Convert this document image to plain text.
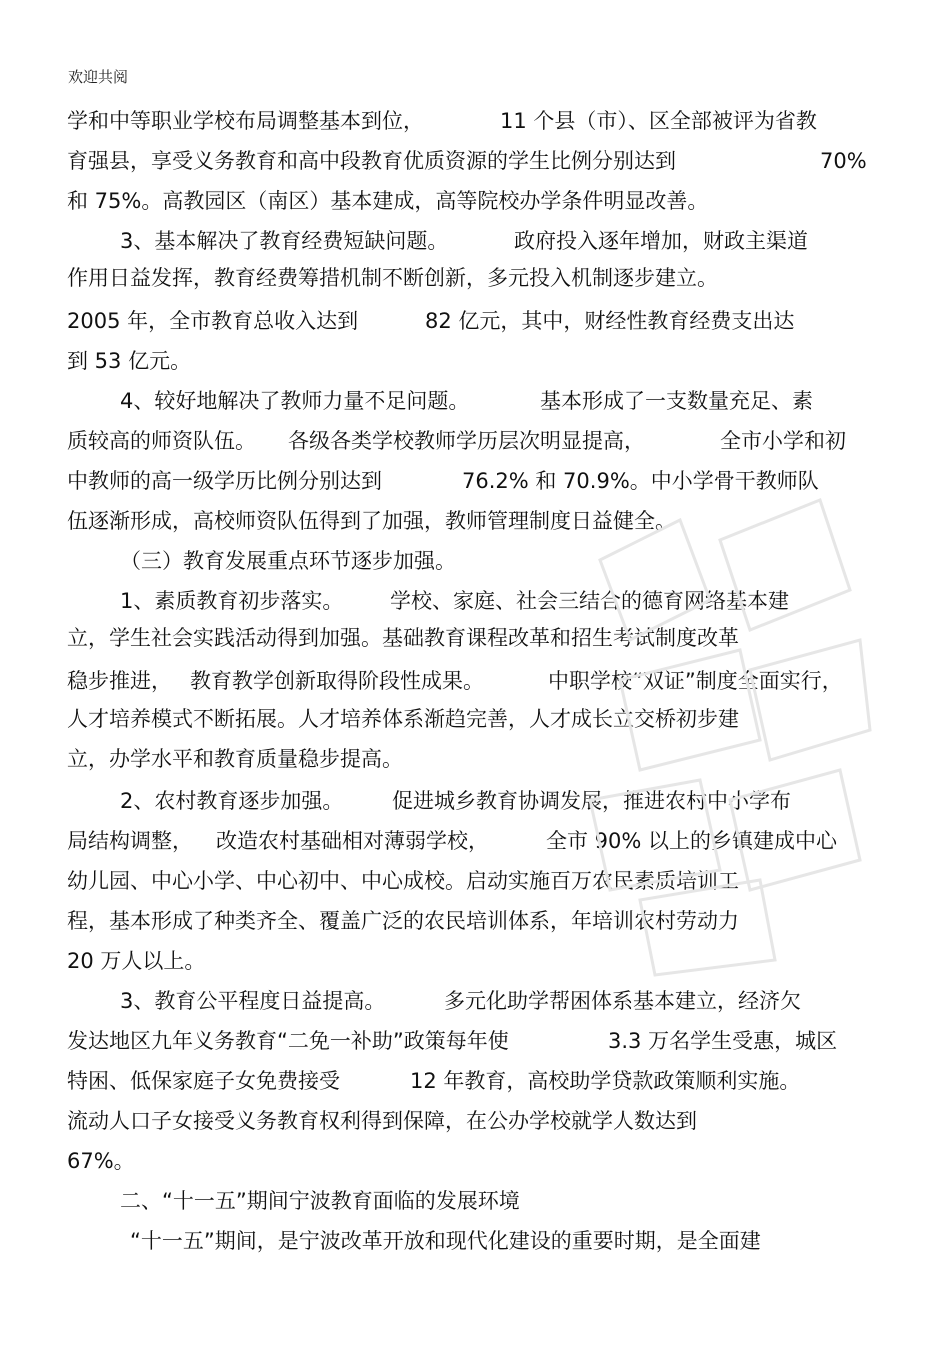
欢迎共阅
学和中等职业学校布局调整基本到位，	11 个县（市）、区全部被评为省教
育强县，享受义务教育和高中段教育优质资源的学生比例分别达到	70%
和 75%。高教园区（南区）基本建成，高等院校办学条件明显改善。
3、基本解决了教育经费短缺问题。	政府投入逐年增加，财政主渠道
作用日益发挥，教育经费筹措机制不断创新，多元投入机制逐步建立。
2005 年，全市教育总收入达到	82 亿元，其中，财经性教育经费支出达
到 53 亿元。
4、较好地解决了教师力量不足问题。	基本形成了一支数量充足、素
质较高的师资队伍。 各级各类学校教师学历层次明显提高，	全市小学和初
中教师的高一级学历比例分别达到	76.2% 和 70.9%。中小学骨干教师队
伍逐渐形成，高校师资队伍得到了加强，教师管理制度日益健全。
（三）教育发展重点环节逐步加强。
1、素质教育初步落实。 学校、家庭、社会三结合的德育网络基本建
立，学生社会实践活动得到加强。基础教育课程改革和招生考试制度改革
稳步推进， 教育教学创新取得阶段性成果。	中职学校“双证”制度全面实行，
人才培养模式不断拓展。人才培养体系渐趋完善，人才成长立交桥初步建
立，办学水平和教育质量稳步提高。
2、农村教育逐步加强。 促进城乡教育协调发展，推进农村中小学布
局结构调整， 改造农村基础相对薄弱学校，	全市 90% 以上的乡镇建成中心
幼儿园、中心小学、中心初中、中心成校。启动实施百万农民素质培训工
程，基本形成了种类齐全、覆盖广泛的农民培训体系，年培训农村劳动力
20 万人以上。
3、教育公平程度日益提高。	多元化助学帮困体系基本建立，经济欠
发达地区九年义务教育“二免一补助”政策每年使	3.3 万名学生受惠，城区
特困、低保家庭子女免费接受	12 年教育，高校助学贷款政策顺利实施。
流动人口子女接受义务教育权利得到保障，在公办学校就学人数达到
67%。
二、“十一五”期间宁波教育面临的发展环境
“十一五”期间，是宁波改革开放和现代化建设的重要时期，是全面建
